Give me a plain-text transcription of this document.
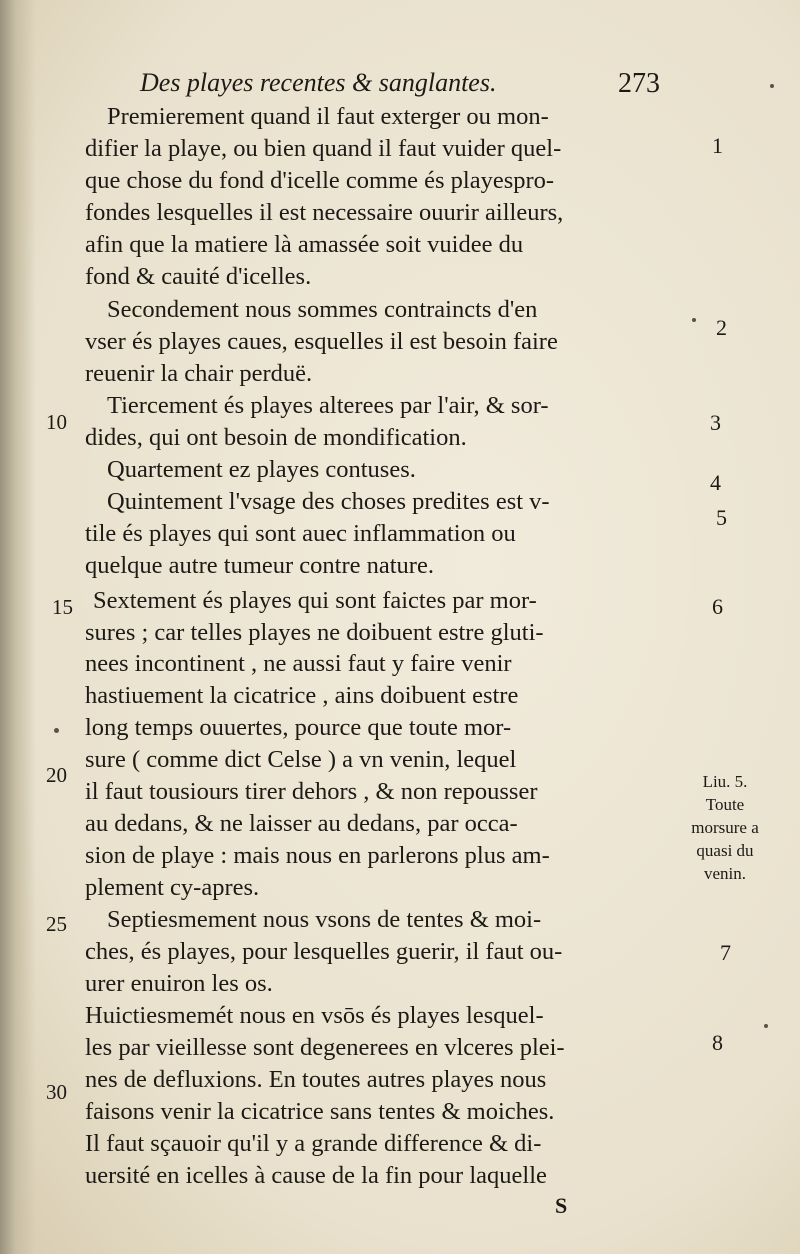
Des playes recentes & sanglantes.	273
Premierement quand il faut exterger ou mon-
difier la playe, ou bien quand il faut vuider quel-
que chose du fond d'icelle comme és playespro-
fondes lesquelles il est necessaire ouurir ailleurs,
afin que la matiere là amassée soit vuidee du
fond & cauité d'icelles.
Secondement nous sommes contraincts d'en
vser és playes caues, esquelles il est besoin faire
reuenir la chair perduë.
Tiercement és playes alterees par l'air, & sor-
dides, qui ont besoin de mondification.
Quartement ez playes contuses.
Quintement l'vsage des choses predites est v-
tile és playes qui sont auec inflammation ou
quelque autre tumeur contre nature.
Sextement és playes qui sont faictes par mor-
sures ; car telles playes ne doibuent estre gluti-
nees incontinent , ne aussi faut y faire venir
hastiuement la cicatrice , ains doibuent estre
long temps ouuertes, pource que toute mor-
sure ( comme dict Celse ) a vn venin, lequel
il faut tousiours tirer dehors , & non repousser
au dedans, & ne laisser au dedans, par occa-
sion de playe : mais nous en parlerons plus am-
plement cy-apres.
Septiesmement nous vsons de tentes & moi-
ches, és playes, pour lesquelles guerir, il faut ou-
urer enuiron les os.
Huictiesmemét nous en vsōs és playes lesquel-
les par vieillesse sont degenerees en vlceres plei-
nes de defluxions. En toutes autres playes nous
faisons venir la cicatrice sans tentes & moiches.
Il faut sçauoir qu'il y a grande difference & di-
uersité en icelles à cause de la fin pour laquelle
10
15
20
25
30
1
2
3
4
5
6
7
8
Liu. 5.
Toute
morsure a
quasi du
venin.
S
